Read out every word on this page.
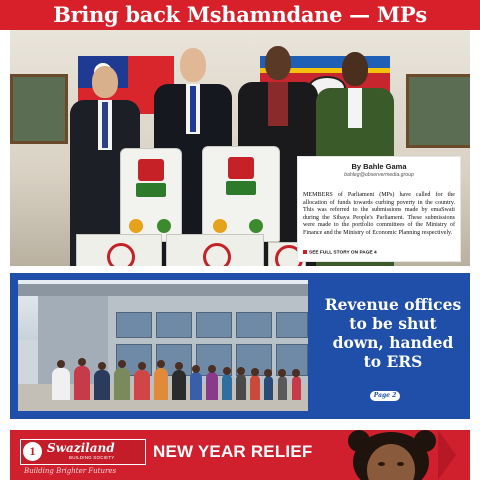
Bring back Mshamndane — MPs
By Bahle Gama
bahleg@observermedia.group
MEMBERS of Parliament (MPs) have called for the allocation of funds towards curbing poverty in the country. This was referred to the submissions made by emaSwati during the Sibaya People's Parliament. These submissions were made to the portfolio committees of the Ministry of Finance and the Ministry of Economic Planning respectively.
SEE FULL STORY ON PAGE 4
Revenue offices to be shut down, handed to ERS
Page 2
1 Swaziland
BUILDING SOCIETY
Building Brighter Futures
NEW YEAR RELIEF
